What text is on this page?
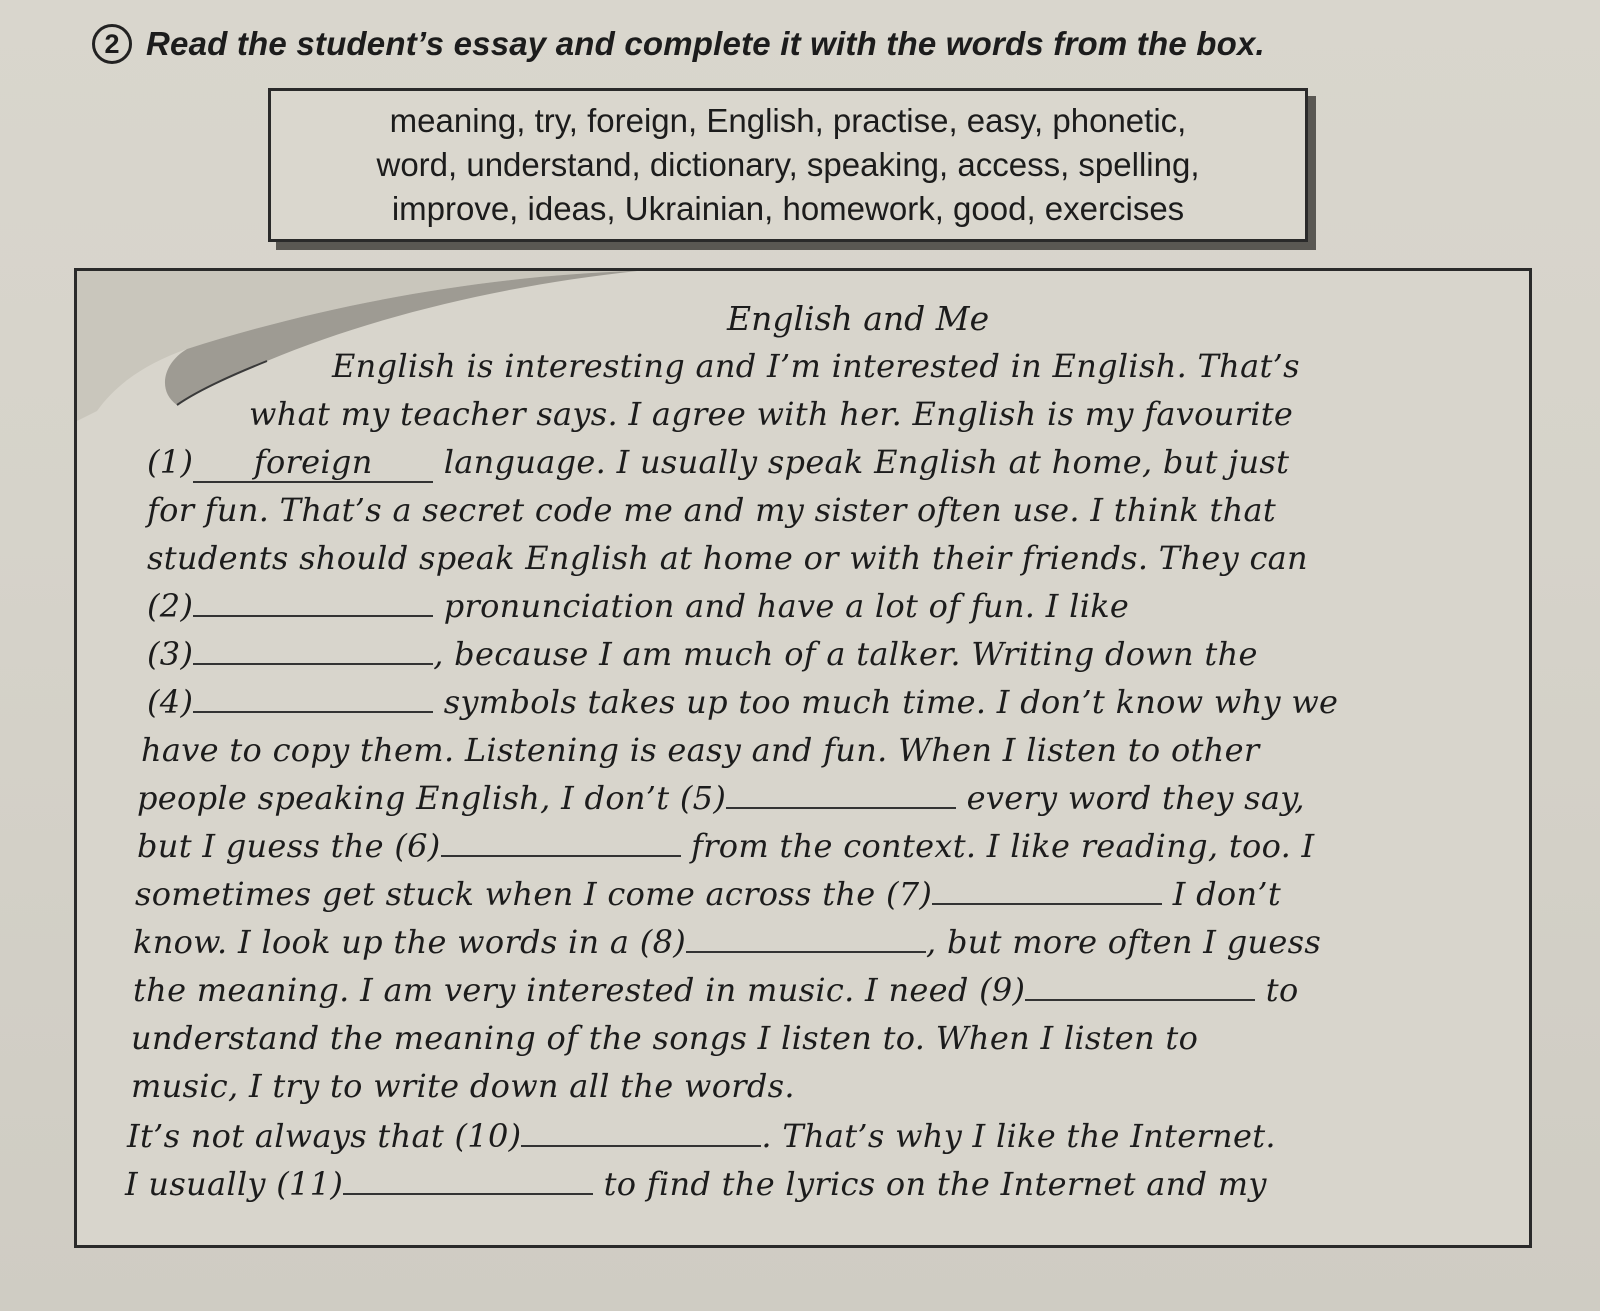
2 Read the student’s essay and complete it with the words from the box.
meaning, try, foreign, English, practise, easy, phonetic,
word, understand, dictionary, speaking, access, spelling,
improve, ideas, Ukrainian, homework, good, exercises
English and Me
English is interesting and I’m interested in English. That’s
what my teacher says. I agree with her. English is my favourite
(1) foreign language. I usually speak English at home, but just
for fun. That’s a secret code me and my sister often use. I think that
students should speak English at home or with their friends. They can
(2)	pronunciation and have a lot of fun. I like
(3)	, because I am much of a talker. Writing down the
(4)	symbols takes up too much time. I don’t know why we
have to copy them. Listening is easy and fun. When I listen to other
people speaking English, I don’t (5)	every word they say,
but I guess the (6)	from the context. I like reading, too. I
sometimes get stuck when I come across the (7)	I don’t
know. I look up the words in a (8)	, but more often I guess
the meaning. I am very interested in music. I need (9)	to
understand the meaning of the songs I listen to. When I listen to
music, I try to write down all the words.
It’s not always that (10)	. That’s why I like the Internet.
I usually (11)	to find the lyrics on the Internet and my
